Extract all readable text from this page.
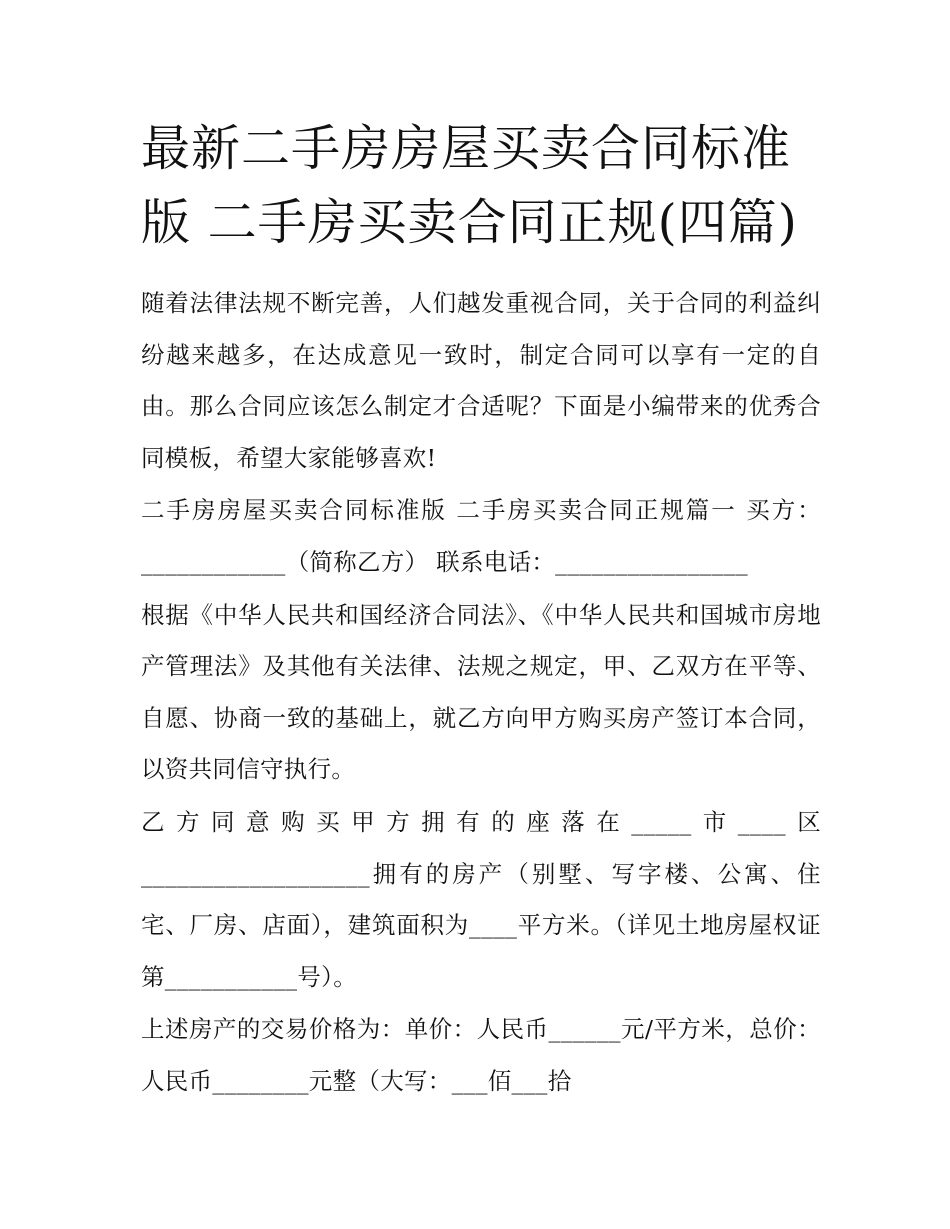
最新二手房房屋买卖合同标准版 二手房买卖合同正规(四篇)

随着法律法规不断完善，人们越发重视合同，关于合同的利益纠纷越来越多，在达成意见一致时，制定合同可以享有一定的自由。那么合同应该怎么制定才合适呢？下面是小编带来的优秀合同模板，希望大家能够喜欢!

二手房房屋买卖合同标准版 二手房买卖合同正规篇一 买方：____________（简称乙方） 联系电话：________________

根据《中华人民共和国经济合同法》、《中华人民共和国城市房地产管理法》及其他有关法律、法规之规定，甲、乙双方在平等、自愿、协商一致的基础上，就乙方向甲方购买房产签订本合同，以资共同信守执行。

乙方同意购买甲方拥有的座落在_____市____区___________________拥有的房产（别墅、写字楼、公寓、住宅、厂房、店面），建筑面积为____平方米。（详见土地房屋权证第___________号）。

上述房产的交易价格为：单价：人民币______元/平方米，总价：人民币________元整（大写：___佰___拾
